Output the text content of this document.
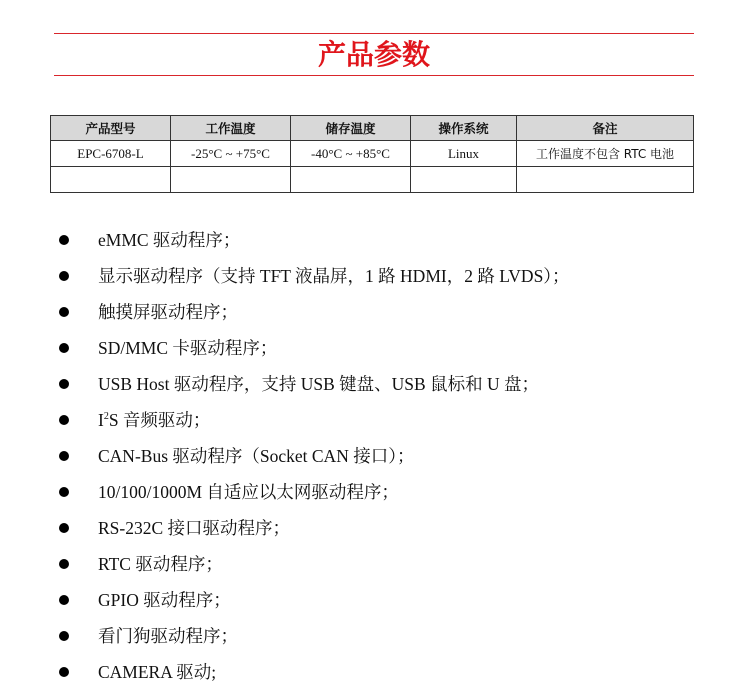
产品参数
产品型号	工作温度	储存温度	操作系统	备注
EPC-6708-L	-25°C ~ +75°C	-40°C ~ +85°C	Linux	工作温度不包含 RTC 电池

eMMC 驱动程序；
显示驱动程序（支持 TFT 液晶屏，1 路 HDMI，2 路 LVDS）；
触摸屏驱动程序；
SD/MMC 卡驱动程序；
USB Host 驱动程序，支持 USB 键盘、USB 鼠标和 U 盘；
$I^2S$ 音频驱动；
CAN-Bus 驱动程序（Socket CAN 接口）；
10/100/1000M 自适应以太网驱动程序；
RS-232C 接口驱动程序；
RTC 驱动程序；
GPIO 驱动程序；
看门狗驱动程序；
CAMERA 驱动;
